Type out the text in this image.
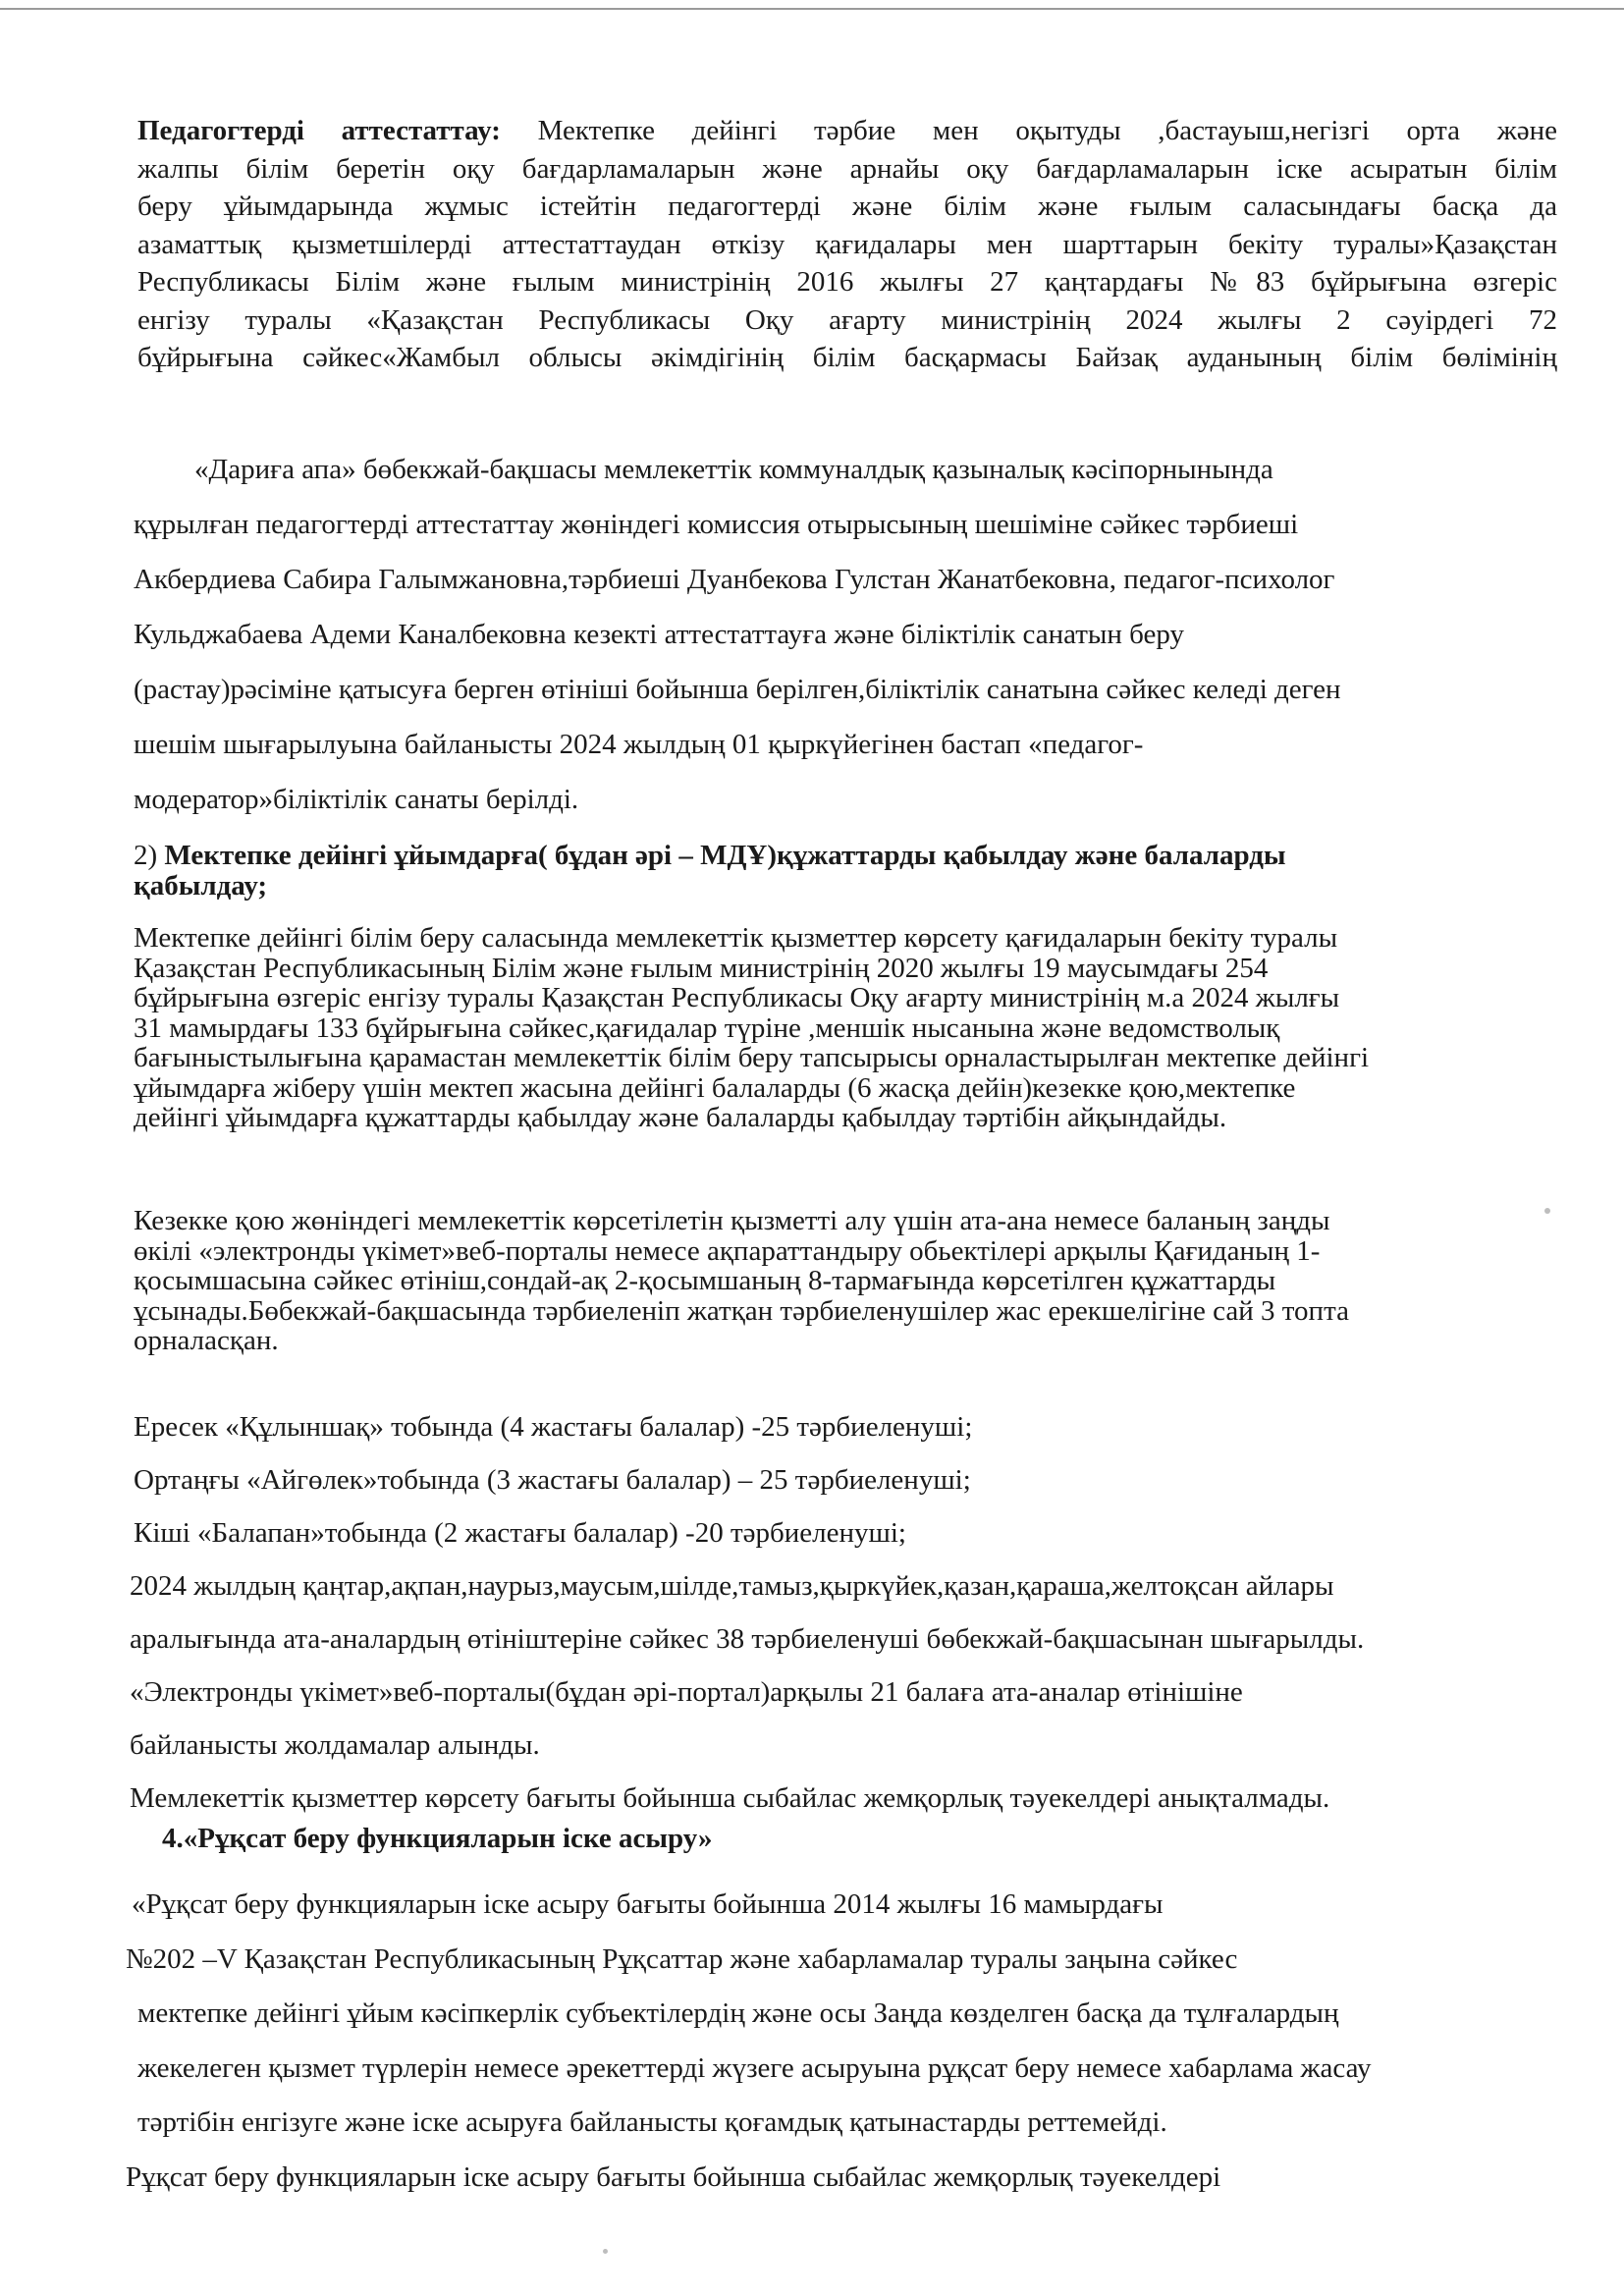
Педагогтерді аттестаттау: Мектепке дейінгі тәрбие мен оқытуды ,бастауыш,негізгі орта және
жалпы білім беретін оқу бағдарламаларын және арнайы оқу бағдарламаларын іске асыратын білім
беру ұйымдарында жұмыс істейтін педагогтерді және білім және ғылым саласындағы басқа да
азаматтық қызметшілерді аттестаттаудан өткізу қағидалары мен шарттарын бекіту туралы»Қазақстан
Республикасы Білім және ғылым министрінің 2016 жылғы 27 қаңтардағы №83 бұйрығына өзгеріс
енгізу туралы «Қазақстан Республикасы Оқу ағарту министрінің 2024 жылғы 2 сәуірдегі 72
бұйрығына сәйкес«Жамбыл облысы әкімдігінің білім басқармасы Байзақ ауданының білім бөлімінің
«Дариға апа» бөбекжай-бақшасы мемлекеттік коммуналдық қазыналық кәсіпорнынында
құрылған педагогтерді аттестаттау жөніндегі комиссия отырысының шешіміне сәйкес тәрбиеші
Акбердиева Сабира Галымжановна,тәрбиеші Дуанбекова Гулстан Жанатбековна, педагог-психолог
Кульджабаева Адеми Каналбековна кезекті аттестаттауға және біліктілік санатын беру
(растау)рәсіміне қатысуға берген өтініші бойынша берілген,біліктілік санатына сәйкес келеді деген
шешім шығарылуына байланысты 2024 жылдың 01 қыркүйегінен бастап «педагог-
модератор»біліктілік санаты берілді.
2) Мектепке дейінгі ұйымдарға( бұдан әрі – МДҰ)құжаттарды қабылдау және балаларды
қабылдау;
Мектепке дейінгі білім беру саласында мемлекеттік қызметтер көрсету қағидаларын бекіту туралы
Қазақстан Республикасының Білім және ғылым министрінің 2020 жылғы 19 маусымдағы 254
бұйрығына өзгеріс енгізу туралы Қазақстан Республикасы Оқу ағарту министрінің м.а 2024 жылғы
31 мамырдағы 133 бұйрығына сәйкес,қағидалар түріне ,меншік нысанына және ведомстволық
бағыныстылығына қарамастан мемлекеттік білім беру тапсырысы орналастырылған мектепке дейінгі
ұйымдарға жіберу үшін мектеп жасына дейінгі балаларды (6 жасқа дейін)кезекке қою,мектепке
дейінгі ұйымдарға құжаттарды қабылдау және балаларды қабылдау тәртібін айқындайды.
Кезекке қою жөніндегі мемлекеттік көрсетілетін қызметті алу үшін ата-ана немесе баланың заңды
өкілі «электронды үкімет»веб-порталы немесе ақпараттандыру обьектілері арқылы Қағиданың 1-
қосымшасына сәйкес өтініш,сондай-ақ 2-қосымшаның 8-тармағында көрсетілген құжаттарды
ұсынады.Бөбекжай-бақшасында тәрбиеленіп жатқан тәрбиеленушілер жас ерекшелігіне сай 3 топта
орналасқан.
Ересек «Құлыншақ» тобында (4 жастағы балалар) -25 тәрбиеленуші;
Ортаңғы «Айгөлек»тобында (3 жастағы балалар) – 25 тәрбиеленуші;
Кіші «Балапан»тобында (2 жастағы балалар) -20 тәрбиеленуші;
2024 жылдың қаңтар,ақпан,наурыз,маусым,шілде,тамыз,қыркүйек,қазан,қараша,желтоқсан айлары
аралығында ата-аналардың өтініштеріне сәйкес 38 тәрбиеленуші бөбекжай-бақшасынан шығарылды.
«Электронды үкімет»веб-порталы(бұдан әрі-портал)арқылы 21 балаға ата-аналар өтінішіне
байланысты жолдамалар алынды.
Мемлекеттік қызметтер көрсету бағыты бойынша сыбайлас жемқорлық тәуекелдері анықталмады.
4.«Рұқсат беру функцияларын іске асыру»
«Рұқсат беру функцияларын іске асыру бағыты бойынша 2014 жылғы 16 мамырдағы
№202 –V Қазақстан Республикасының Рұқсаттар және хабарламалар туралы заңына сәйкес
мектепке дейінгі ұйым кәсіпкерлік субъектілердің және осы Заңда көзделген басқа да тұлғалардың
жекелеген қызмет түрлерін немесе әрекеттерді жүзеге асыруына рұқсат беру немесе хабарлама жасау
тәртібін енгізуге және іске асыруға байланысты қоғамдық қатынастарды реттемейді.
Рұқсат беру функцияларын іске асыру бағыты бойынша сыбайлас жемқорлық тәуекелдері
